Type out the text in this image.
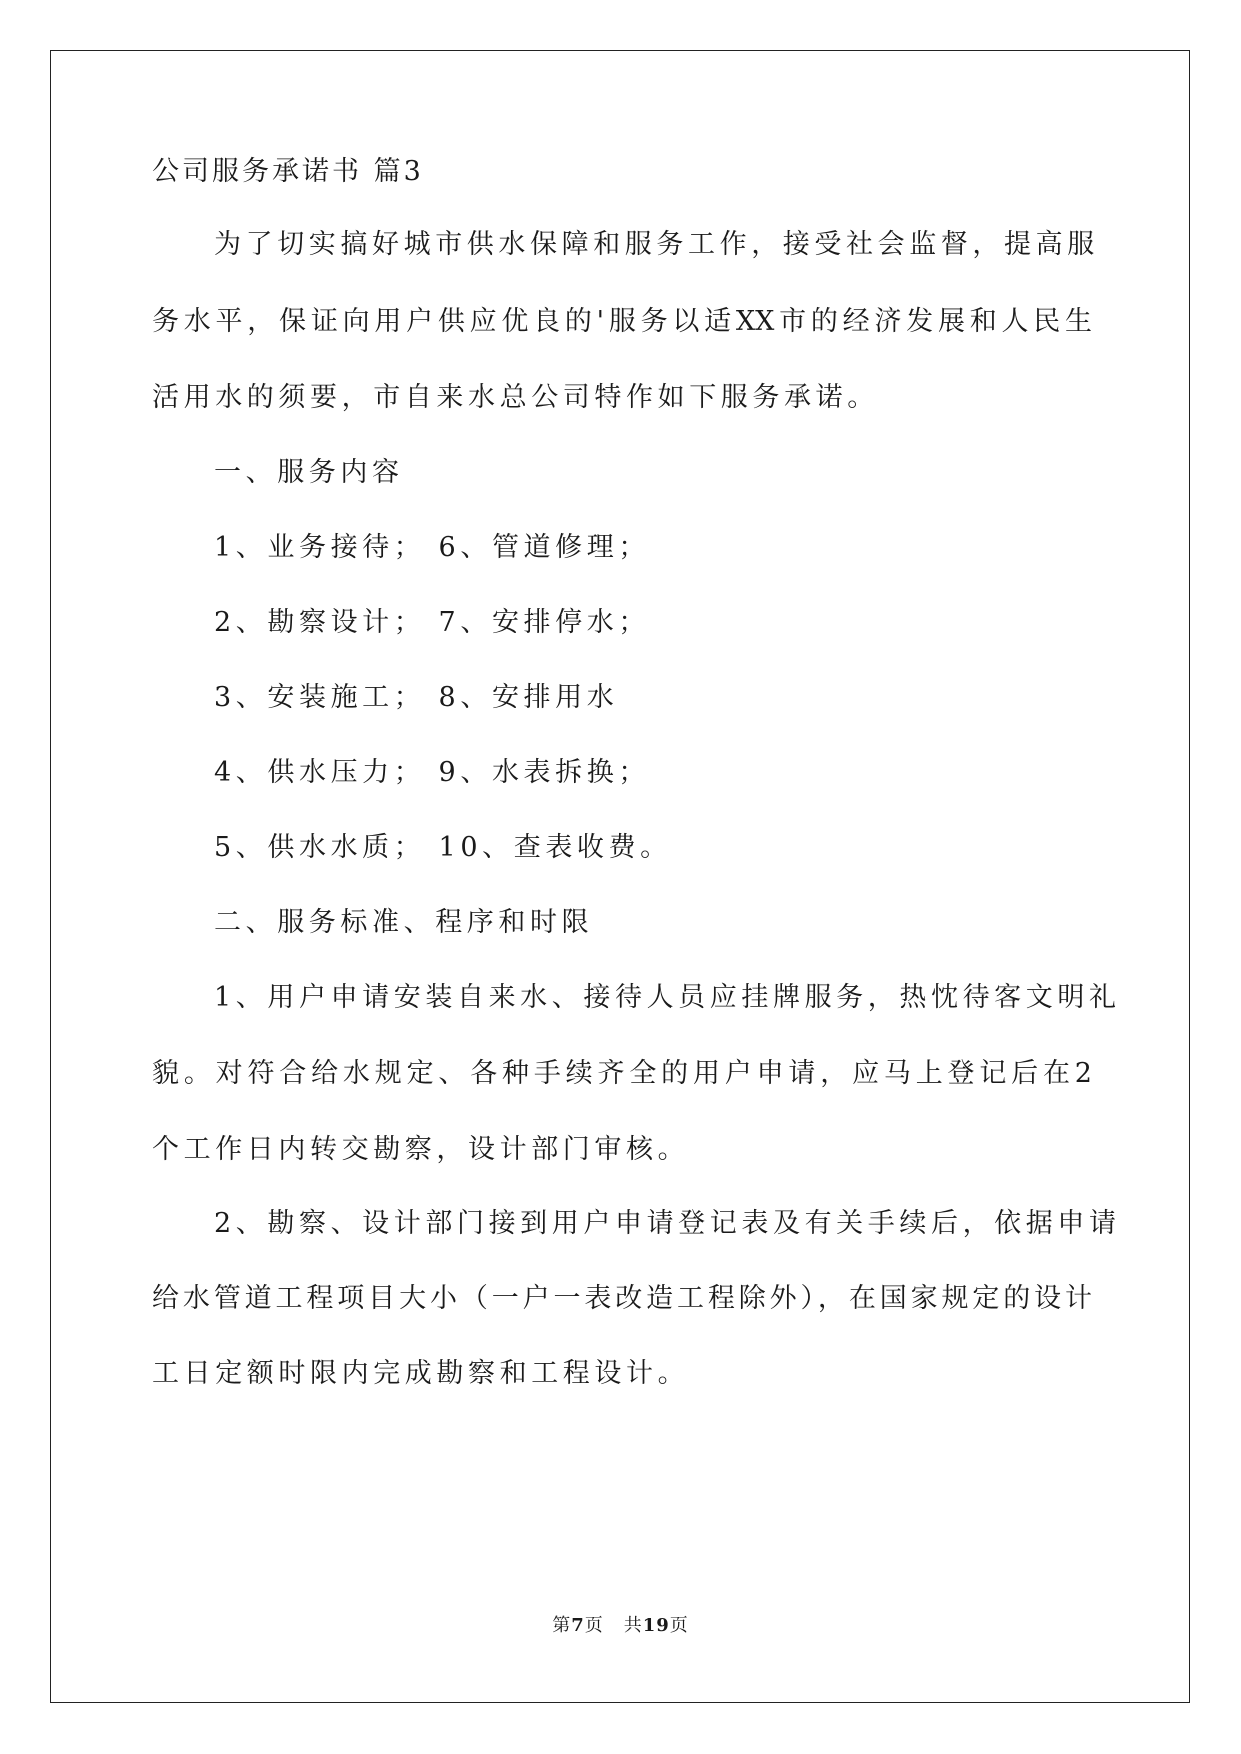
公司服务承诺书 篇3
为了切实搞好城市供水保障和服务工作，接受社会监督，提高服
务水平，保证向用户供应优良的'服务以适XX市的经济发展和人民生
活用水的须要，市自来水总公司特作如下服务承诺。
一、服务内容
1、业务接待； 6、管道修理；
2、勘察设计； 7、安排停水；
3、安装施工； 8、安排用水
4、供水压力； 9、水表拆换；
5、供水水质； 10、查表收费。
二、服务标准、程序和时限
1、用户申请安装自来水、接待人员应挂牌服务，热忱待客文明礼
貌。对符合给水规定、各种手续齐全的用户申请，应马上登记后在2
个工作日内转交勘察，设计部门审核。
2、勘察、设计部门接到用户申请登记表及有关手续后，依据申请
给水管道工程项目大小（一户一表改造工程除外），在国家规定的设计
工日定额时限内完成勘察和工程设计。
第7页 共19页
